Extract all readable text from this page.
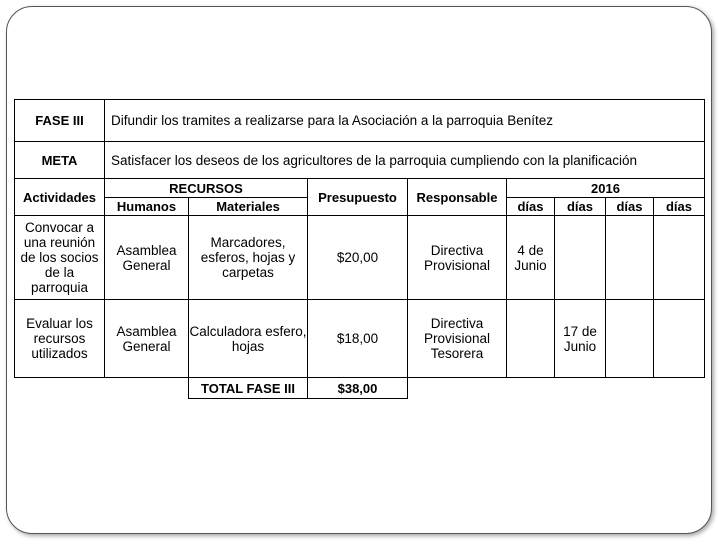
FASE III	Difundir los tramites a realizarse para la Asociación a la parroquia Benítez							
META	Satisfacer los deseos de los agricultores de la parroquia cumpliendo con la planificación							
Actividades	RECURSOS		Presupuesto	Responsable	2016			
	Humanos	Materiales			días	días	días	días
Convocar a una reunión de los socios de la parroquia	Asamblea General	Marcadores, esferos, hojas y carpetas	$20,00	Directiva Provisional	4 de Junio			
Evaluar los recursos utilizados	Asamblea General	Calculadora esfero, hojas	$18,00	Directiva Provisional Tesorera		17 de Junio		
		TOTAL FASE III	$38,00					
